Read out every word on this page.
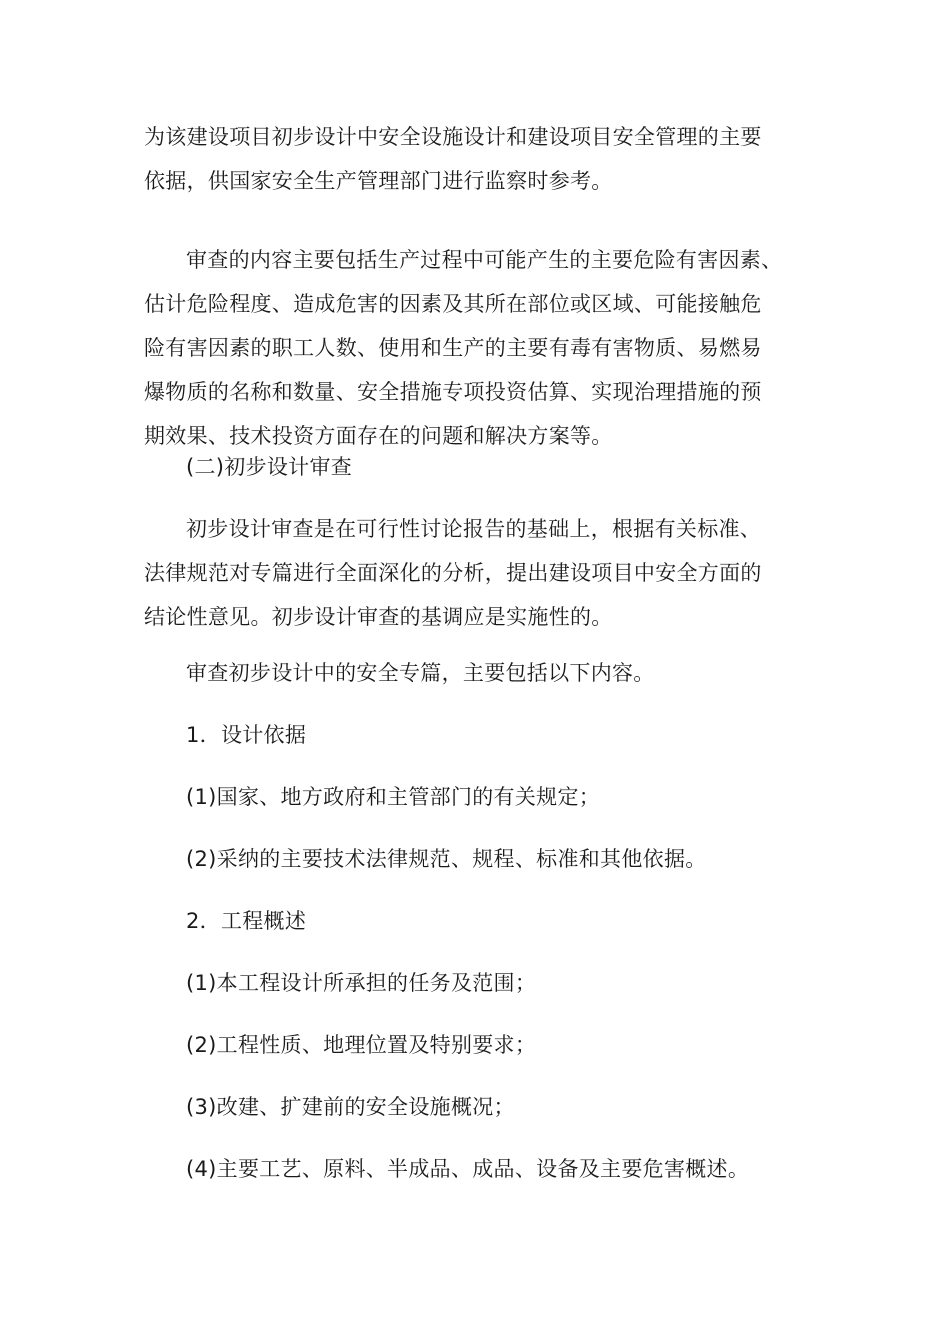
为该建设项目初步设计中安全设施设计和建设项目安全管理的主要
依据，供国家安全生产管理部门进行监察时参考。

审查的内容主要包括生产过程中可能产生的主要危险有害因素、
估计危险程度、造成危害的因素及其所在部位或区域、可能接触危
险有害因素的职工人数、使用和生产的主要有毒有害物质、易燃易
爆物质的名称和数量、安全措施专项投资估算、实现治理措施的预
期效果、技术投资方面存在的问题和解决方案等。

(二)初步设计审查

初步设计审查是在可行性讨论报告的基础上，根据有关标准、
法律规范对专篇进行全面深化的分析，提出建设项目中安全方面的
结论性意见。初步设计审查的基调应是实施性的。

审查初步设计中的安全专篇，主要包括以下内容。

1．设计依据

(1)国家、地方政府和主管部门的有关规定；

(2)采纳的主要技术法律规范、规程、标准和其他依据。

2．工程概述

(1)本工程设计所承担的任务及范围；

(2)工程性质、地理位置及特别要求；

(3)改建、扩建前的安全设施概况；

(4)主要工艺、原料、半成品、成品、设备及主要危害概述。
